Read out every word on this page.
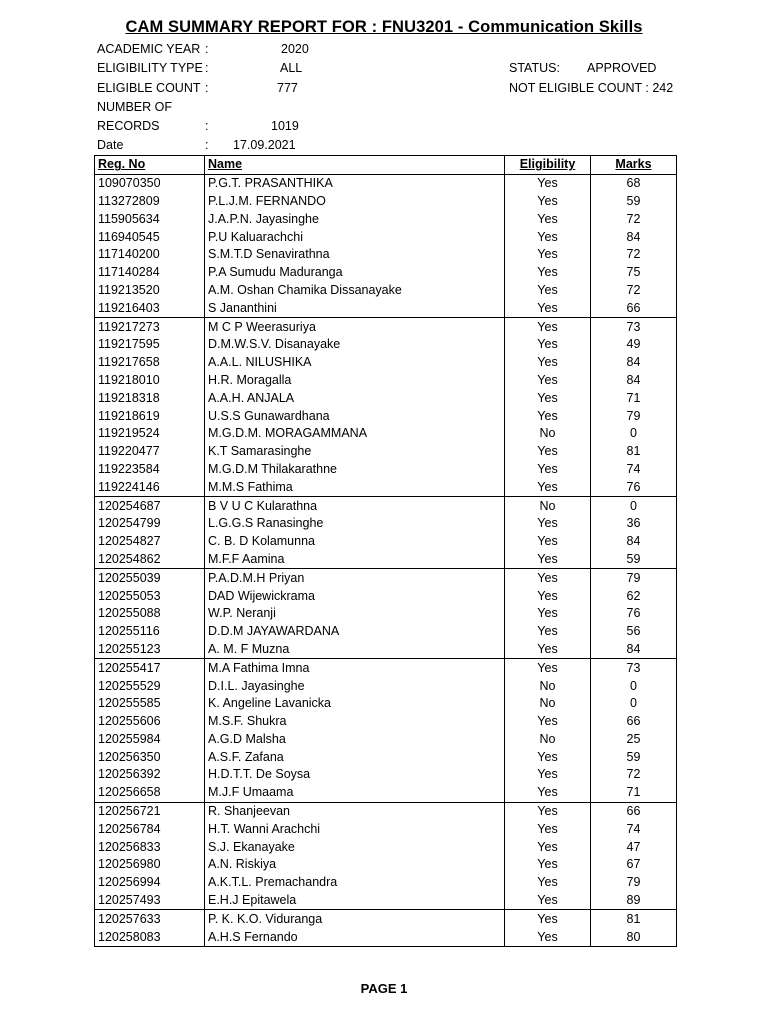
CAM SUMMARY REPORT FOR : FNU3201 - Communication Skills
ACADEMIC YEAR :	2020
ELIGIBILITY TYPE :	ALL
ELIGIBLE COUNT :	777
NUMBER OF
RECORDS	:	1019
Date	: 17.09.2021
STATUS: APPROVED
NOT ELIGIBLE COUNT : 242
Reg. No	Name	Eligibility	Marks
109070350	P.G.T. PRASANTHIKA	Yes	68
113272809	P.L.J.M. FERNANDO	Yes	59
115905634	J.A.P.N. Jayasinghe	Yes	72
116940545	P.U Kaluarachchi	Yes	84
117140200	S.M.T.D Senavirathna	Yes	72
117140284	P.A Sumudu Maduranga	Yes	75
119213520	A.M. Oshan Chamika Dissanayake	Yes	72
119216403	S Jananthini	Yes	66
119217273	M C P Weerasuriya	Yes	73
119217595	D.M.W.S.V. Disanayake	Yes	49
119217658	A.A.L. NILUSHIKA	Yes	84
119218010	H.R. Moragalla	Yes	84
119218318	A.A.H. ANJALA	Yes	71
119218619	U.S.S Gunawardhana	Yes	79
119219524	M.G.D.M. MORAGAMMANA	No	0
119220477	K.T Samarasinghe	Yes	81
119223584	M.G.D.M Thilakarathne	Yes	74
119224146	M.M.S Fathima	Yes	76
120254687	B V U C Kularathna	No	0
120254799	L.G.G.S Ranasinghe	Yes	36
120254827	C. B. D Kolamunna	Yes	84
120254862	M.F.F Aamina	Yes	59
120255039	P.A.D.M.H Priyan	Yes	79
120255053	DAD Wijewickrama	Yes	62
120255088	W.P. Neranji	Yes	76
120255116	D.D.M JAYAWARDANA	Yes	56
120255123	A. M. F Muzna	Yes	84
120255417	M.A Fathima Imna	Yes	73
120255529	D.I.L. Jayasinghe	No	0
120255585	K. Angeline Lavanicka	No	0
120255606	M.S.F. Shukra	Yes	66
120255984	A.G.D Malsha	No	25
120256350	A.S.F. Zafana	Yes	59
120256392	H.D.T.T. De Soysa	Yes	72
120256658	M.J.F Umaama	Yes	71
120256721	R. Shanjeevan	Yes	66
120256784	H.T. Wanni Arachchi	Yes	74
120256833	S.J. Ekanayake	Yes	47
120256980	A.N. Riskiya	Yes	67
120256994	A.K.T.L. Premachandra	Yes	79
120257493	E.H.J Epitawela	Yes	89
120257633	P. K. K.O. Viduranga	Yes	81
120258083	A.H.S Fernando	Yes	80
PAGE 1
